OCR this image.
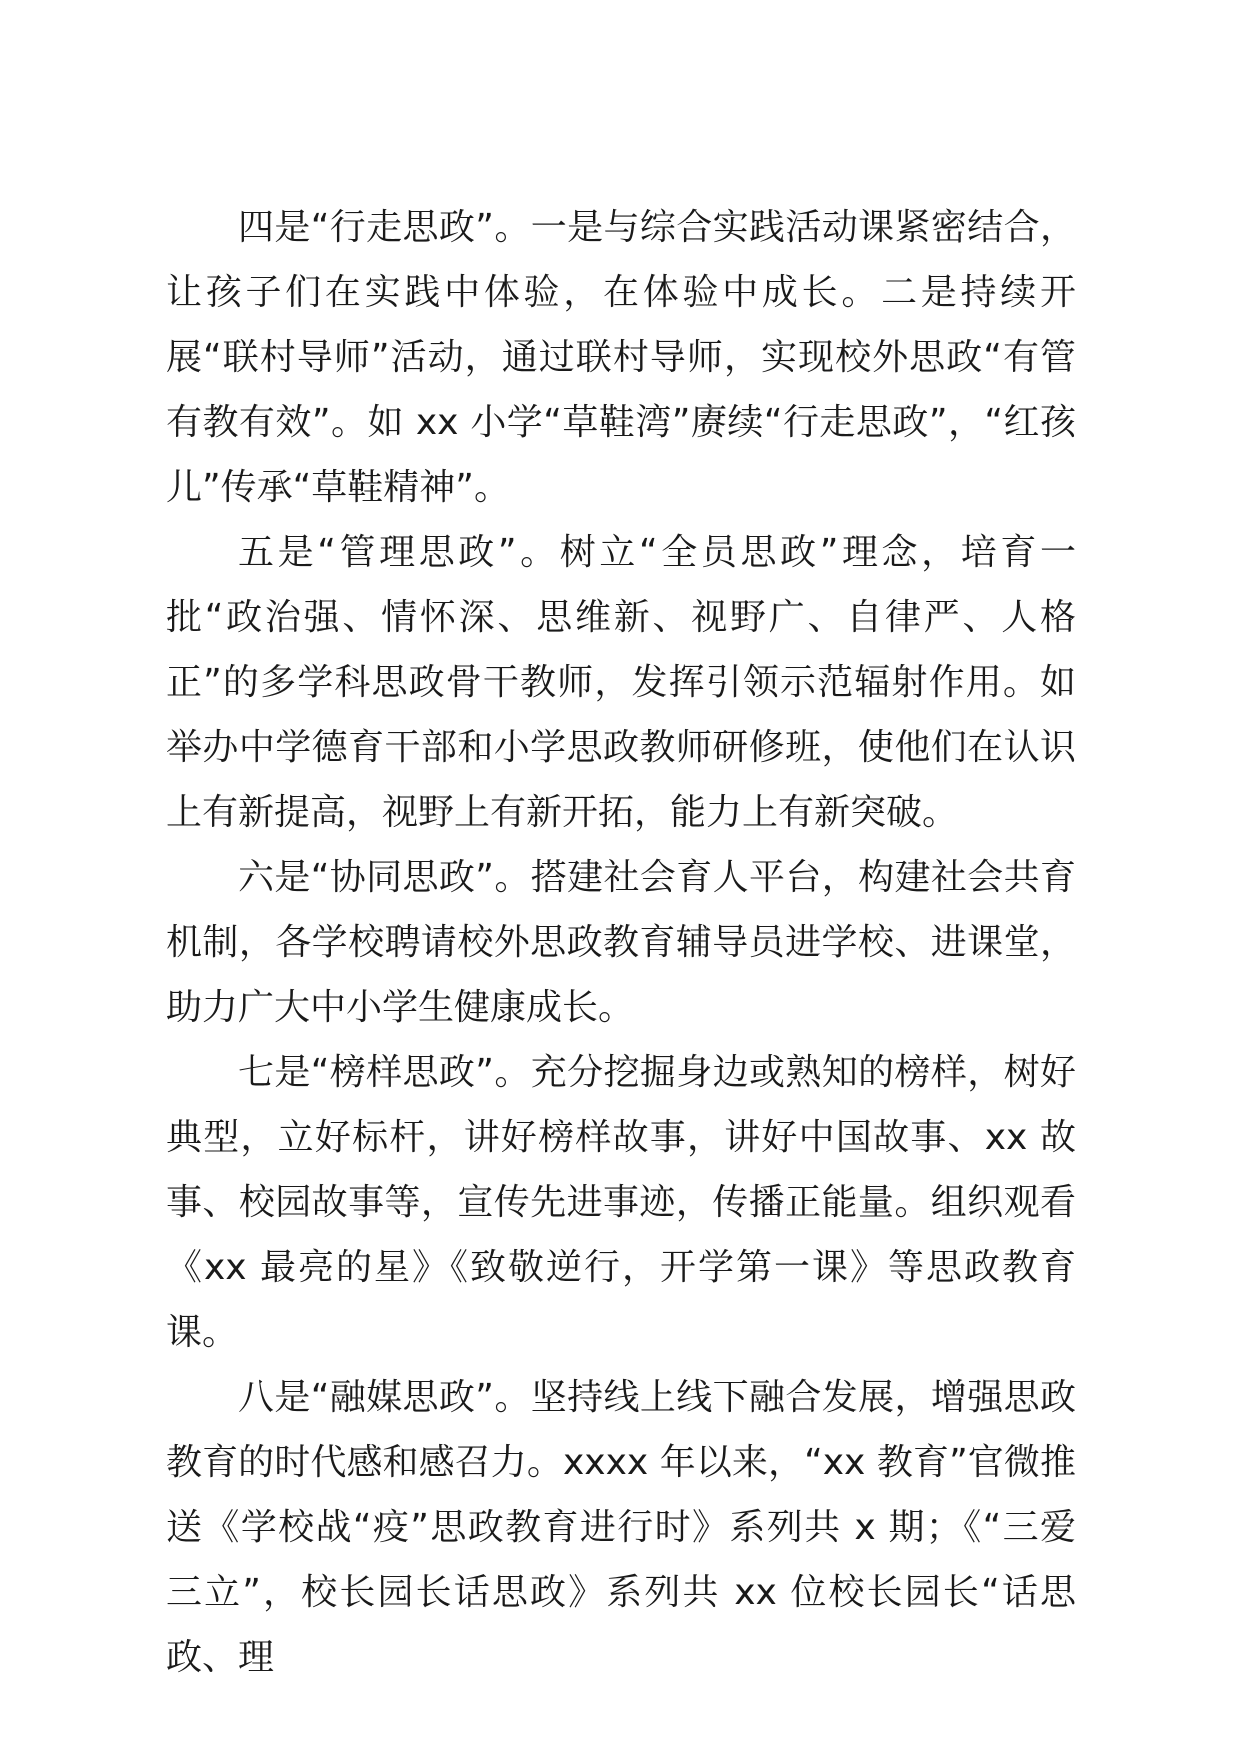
四是“行走思政”。一是与综合实践活动课紧密结合，让孩子们在实践中体验，在体验中成长。二是持续开展“联村导师”活动，通过联村导师，实现校外思政“有管有教有效”。如 xx 小学“草鞋湾”赓续“行走思政”，“红孩儿”传承“草鞋精神”。

五是“管理思政”。树立“全员思政”理念，培育一批“政治强、情怀深、思维新、视野广、自律严、人格正”的多学科思政骨干教师，发挥引领示范辐射作用。如举办中学德育干部和小学思政教师研修班，使他们在认识上有新提高，视野上有新开拓，能力上有新突破。

六是“协同思政”。搭建社会育人平台，构建社会共育机制，各学校聘请校外思政教育辅导员进学校、进课堂，助力广大中小学生健康成长。

七是“榜样思政”。充分挖掘身边或熟知的榜样，树好典型，立好标杆，讲好榜样故事，讲好中国故事、xx 故事、校园故事等，宣传先进事迹，传播正能量。组织观看《xx 最亮的星》《致敬逆行，开学第一课》等思政教育课。

八是“融媒思政”。坚持线上线下融合发展，增强思政教育的时代感和感召力。xxxx 年以来，“xx 教育”官微推送《学校战“疫”思政教育进行时》系列共 x 期；《“三爱三立”，校长园长话思政》系列共 xx 位校长园长“话思政、理
